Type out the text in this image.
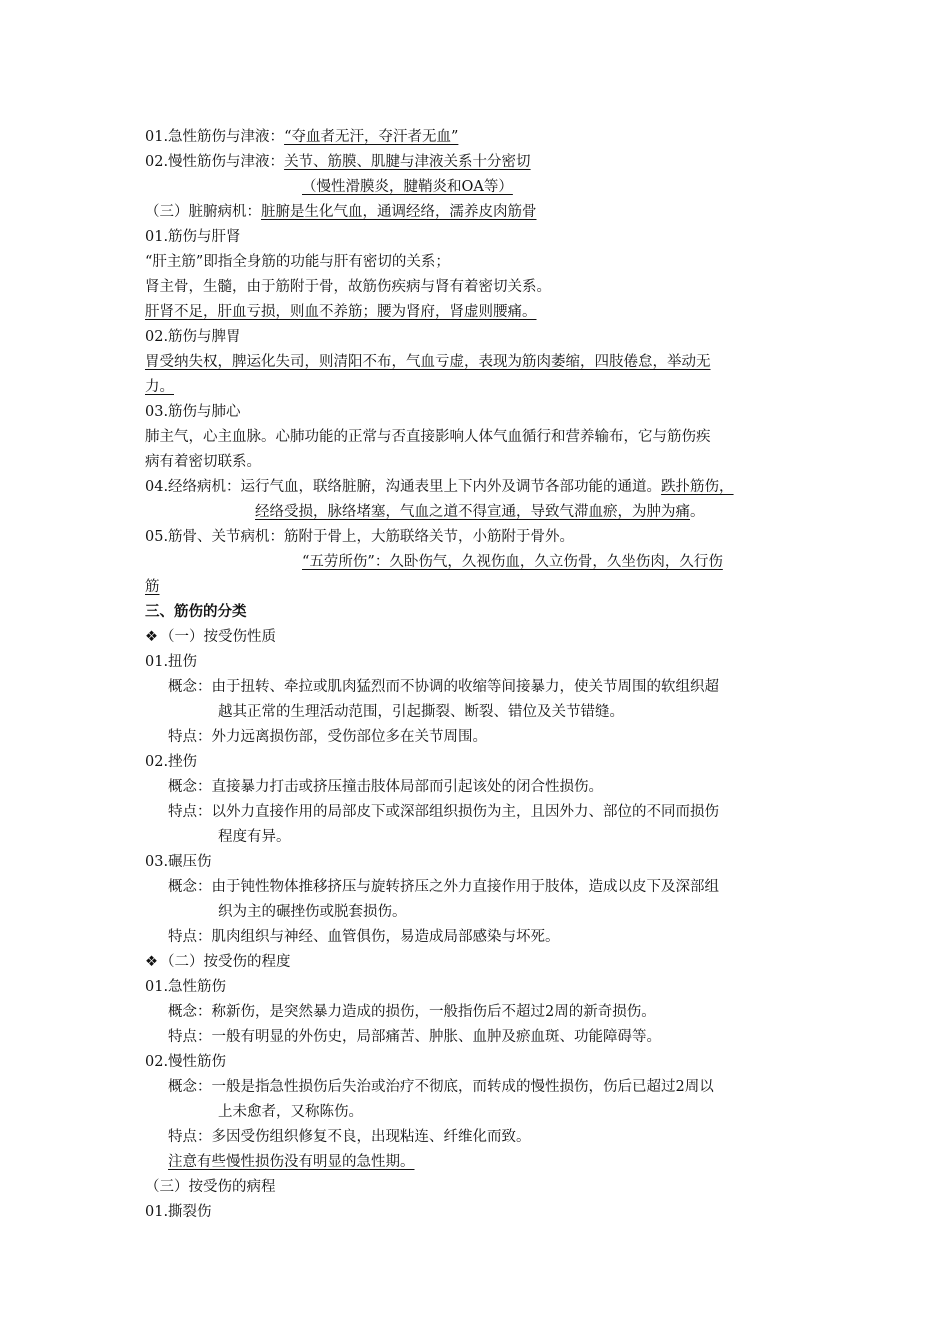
01.急性筋伤与津液：“夺血者无汗，夺汗者无血”
02.慢性筋伤与津液：关节、筋膜、肌腱与津液关系十分密切
（慢性滑膜炎，腱鞘炎和OA等）
（三）脏腑病机：脏腑是生化气血，通调经络，濡养皮肉筋骨
01.筋伤与肝肾
“肝主筋”即指全身筋的功能与肝有密切的关系；
肾主骨，生髓，由于筋附于骨，故筋伤疾病与肾有着密切关系。
肝肾不足，肝血亏损，则血不养筋；腰为肾府，肾虚则腰痛。
02.筋伤与脾胃
胃受纳失权，脾运化失司，则清阳不布，气血亏虚，表现为筋肉萎缩，四肢倦怠，举动无
力。
03.筋伤与肺心
肺主气，心主血脉。心肺功能的正常与否直接影响人体气血循行和营养输布，它与筋伤疾
病有着密切联系。
04.经络病机：运行气血，联络脏腑，沟通表里上下内外及调节各部功能的通道。跌扑筋伤，
经络受损，脉络堵塞，气血之道不得宣通，导致气滞血瘀，为肿为痛。
05.筋骨、关节病机：筋附于骨上，大筋联络关节，小筋附于骨外。
“五劳所伤”：久卧伤气，久视伤血，久立伤骨，久坐伤肉，久行伤
筋
三、筋伤的分类
❖ （一）按受伤性质
01.扭伤
概念：由于扭转、牵拉或肌肉猛烈而不协调的收缩等间接暴力，使关节周围的软组织超
越其正常的生理活动范围，引起撕裂、断裂、错位及关节错缝。
特点：外力远离损伤部，受伤部位多在关节周围。
02.挫伤
概念：直接暴力打击或挤压撞击肢体局部而引起该处的闭合性损伤。
特点：以外力直接作用的局部皮下或深部组织损伤为主，且因外力、部位的不同而损伤
程度有异。
03.碾压伤
概念：由于钝性物体推移挤压与旋转挤压之外力直接作用于肢体，造成以皮下及深部组
织为主的碾挫伤或脱套损伤。
特点：肌肉组织与神经、血管俱伤，易造成局部感染与坏死。
❖ （二）按受伤的程度
01.急性筋伤
概念：称新伤，是突然暴力造成的损伤，一般指伤后不超过2周的新奇损伤。
特点：一般有明显的外伤史，局部痛苦、肿胀、血肿及瘀血斑、功能障碍等。
02.慢性筋伤
概念：一般是指急性损伤后失治或治疗不彻底，而转成的慢性损伤，伤后已超过2周以
上未愈者，又称陈伤。
特点：多因受伤组织修复不良，出现粘连、纤维化而致。
注意有些慢性损伤没有明显的急性期。
（三）按受伤的病程
01.撕裂伤
